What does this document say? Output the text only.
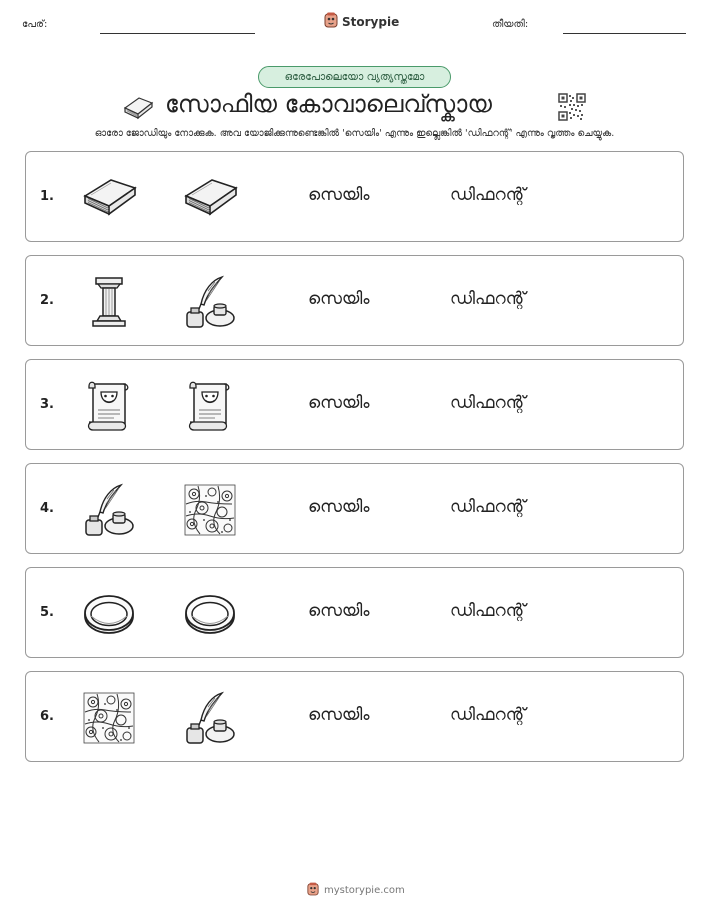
പേര്:	Storypie	തീയതി:
ഒരേപോലെയോ വ്യത്യസ്തമോ
സോഫിയ കോവാലെവ്സ്കായ
ഓരോ ജോഡിയും നോക്കുക. അവ യോജിക്കുന്നുണ്ടെങ്കിൽ 'സെയിം' എന്നും ഇല്ലെങ്കിൽ 'ഡിഫറന്റ്' എന്നും വൃത്തം ചെയ്യുക.
1.	സെയിം	ഡിഫറന്റ്
2.	സെയിം	ഡിഫറന്റ്
3.	സെയിം	ഡിഫറന്റ്
4.	സെയിം	ഡിഫറന്റ്
5.	സെയിം	ഡിഫറന്റ്
6.	സെയിം	ഡിഫറന്റ്
mystorypie.com
